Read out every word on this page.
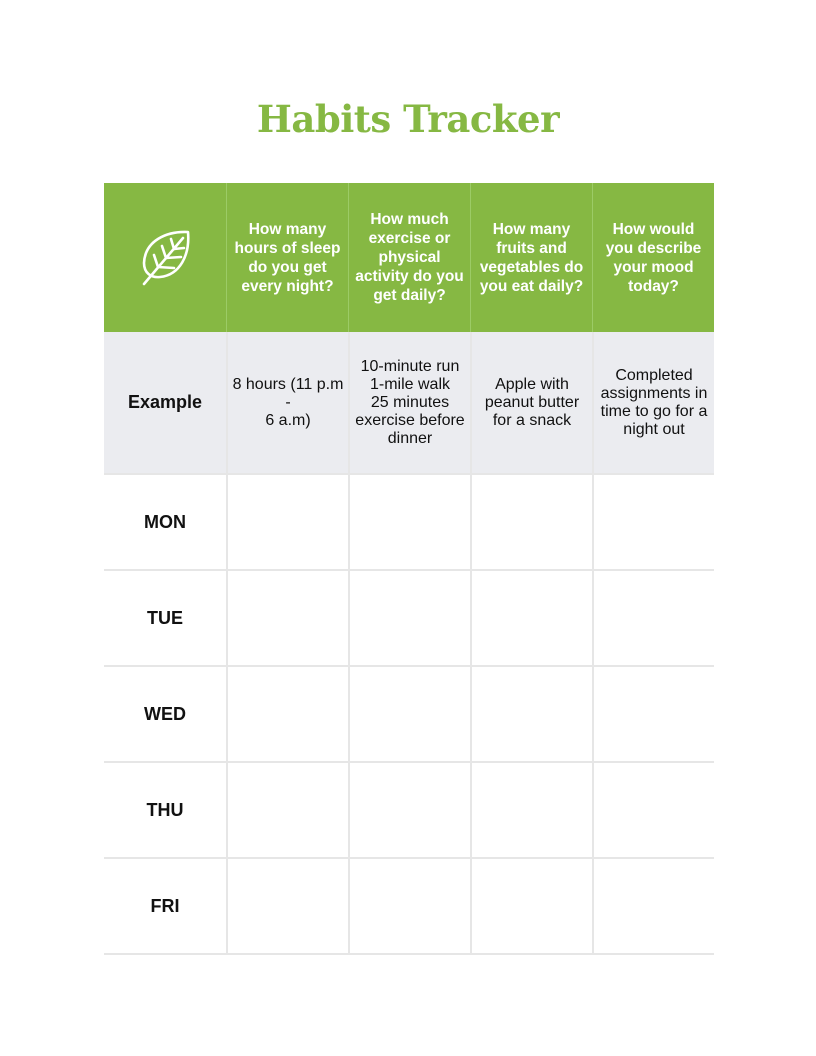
Habits Tracker
How many hours of sleep do you get every night?
How much exercise or physical activity do you get daily?
How many fruits and vegetables do you eat daily?
How would you describe your mood today?
Example
8 hours (11 p.m -
6 a.m)
10-minute run
1-mile walk
25 minutes
exercise before
dinner
Apple with
peanut butter
for a snack
Completed
assignments in
time to go for a
night out
MON
TUE
WED
THU
FRI
